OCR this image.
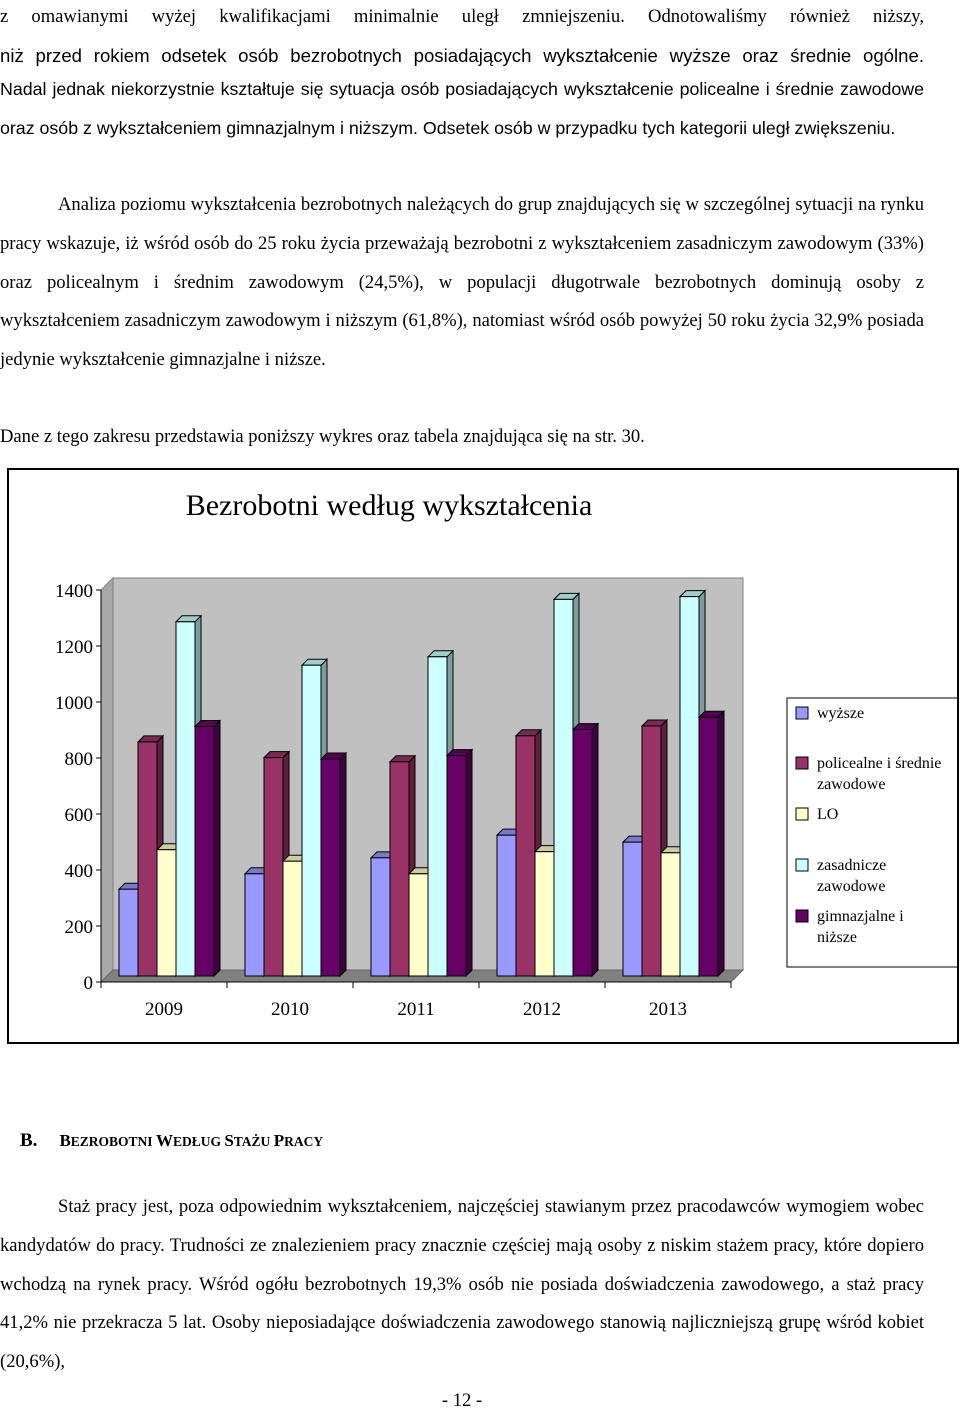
z omawianymi wyżej kwalifikacjami minimalnie uległ zmniejszeniu. Odnotowaliśmy również niższy,

niż przed rokiem odsetek osób bezrobotnych posiadających wykształcenie wyższe oraz średnie ogólne.

Nadal jednak niekorzystnie kształtuje się sytuacja osób posiadających wykształcenie policealne i średnie zawodowe oraz osób z wykształceniem gimnazjalnym i niższym. Odsetek osób w przypadku tych kategorii uległ zwiększeniu.

Analiza poziomu wykształcenia bezrobotnych należących do grup znajdujących się w szczególnej sytuacji na rynku pracy wskazuje, iż wśród osób do 25 roku życia przeważają bezrobotni z wykształceniem zasadniczym zawodowym (33%) oraz policealnym i średnim zawodowym (24,5%), w populacji długotrwale bezrobotnych dominują osoby z wykształceniem zasadniczym zawodowym i niższym (61,8%), natomiast wśród osób powyżej 50 roku życia 32,9% posiada jedynie wykształcenie gimnazjalne i niższe.

Dane z tego zakresu przedstawia poniższy wykres oraz tabela znajdująca się na str. 30.

Bezrobotni według wykształcenia
0
200
400
600
800
1000
1200
1400
2009	2010	2011	2012	2013
wyższe
policealne i średnie zawodowe
LO
zasadnicze zawodowe
gimnazjalne i niższe

B. BEZROBOTNI WEDŁUG STAŻU PRACY

Staż pracy jest, poza odpowiednim wykształceniem, najczęściej stawianym przez pracodawców wymogiem wobec kandydatów do pracy. Trudności ze znalezieniem pracy znacznie częściej mają osoby z niskim stażem pracy, które dopiero wchodzą na rynek pracy. Wśród ogółu bezrobotnych 19,3% osób nie posiada doświadczenia zawodowego, a staż pracy 41,2% nie przekracza 5 lat. Osoby nieposiadające doświadczenia zawodowego stanowią najliczniejszą grupę wśród kobiet (20,6%),

- 12 -
